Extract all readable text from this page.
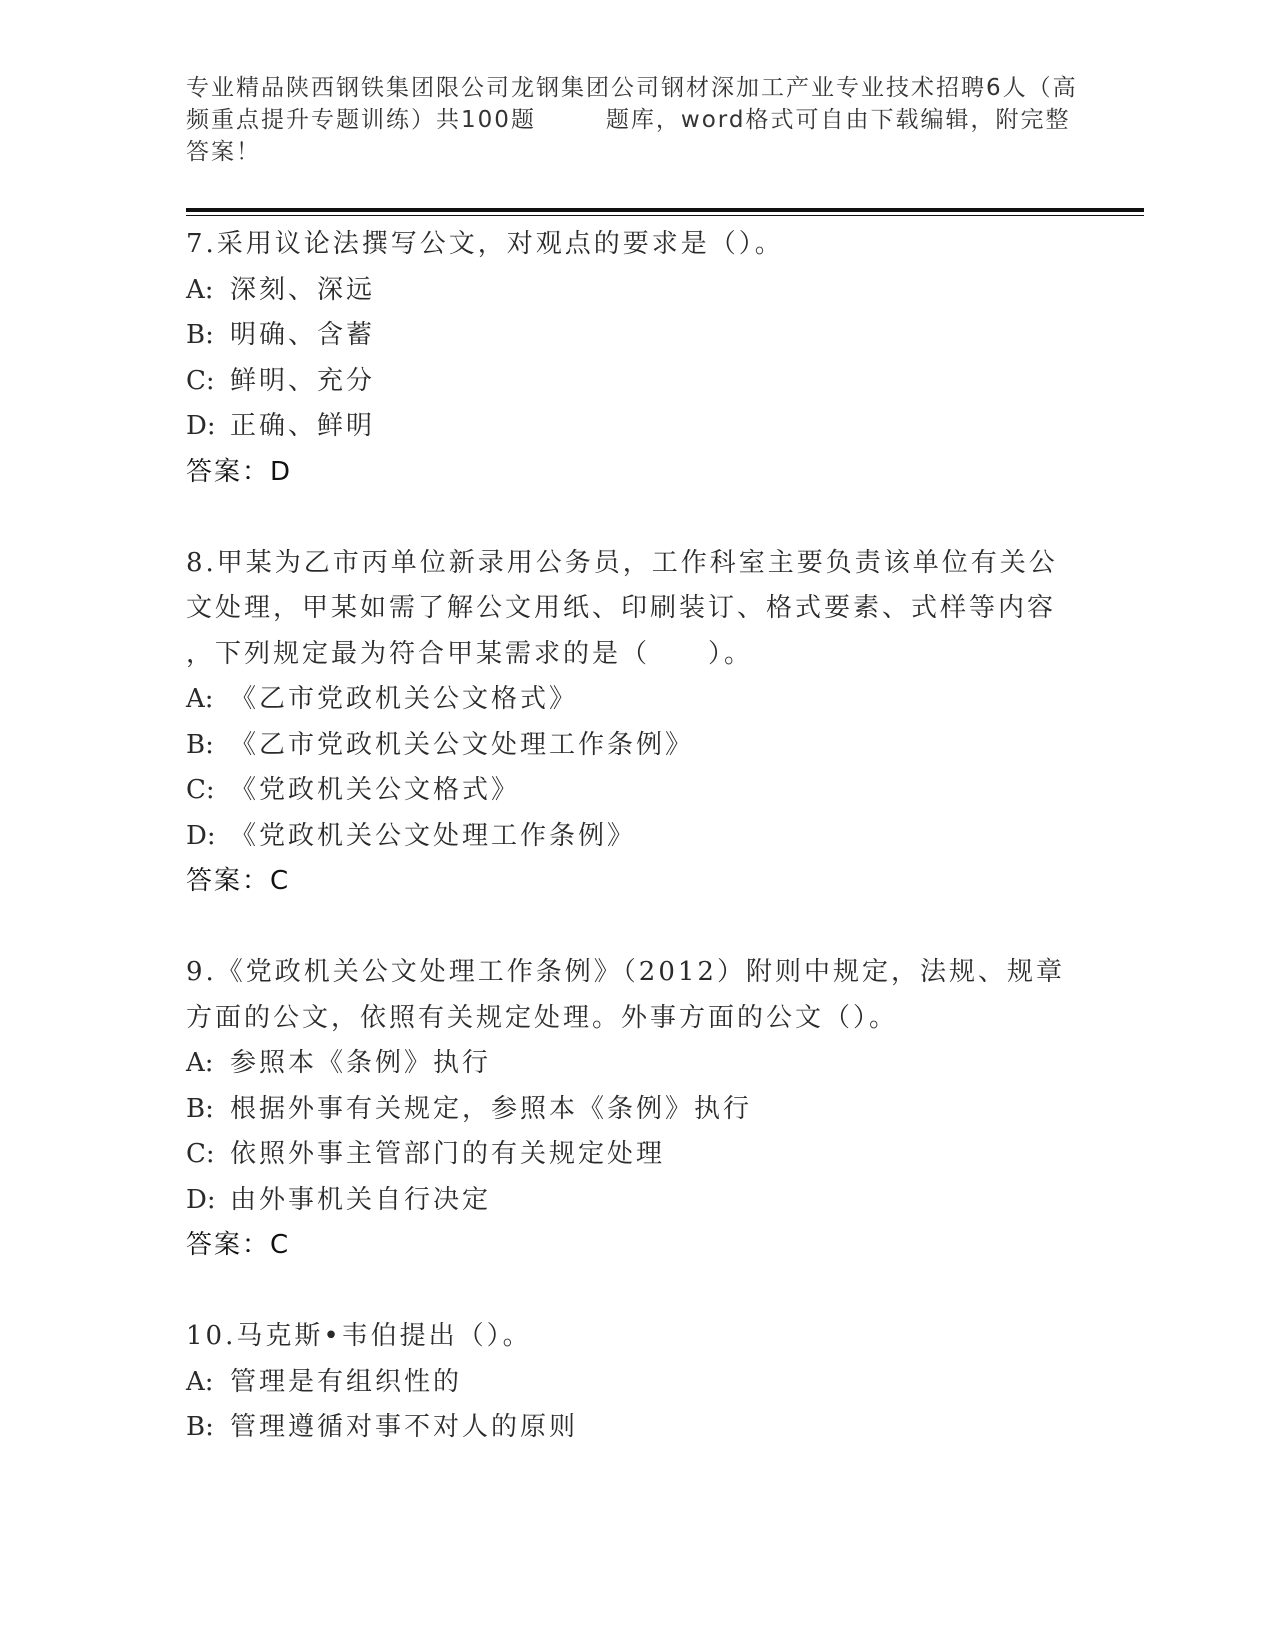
专业精品陕西钢铁集团限公司龙钢集团公司钢材深加工产业专业技术招聘6人（高
频重点提升专题训练）共100题	题库，word格式可自由下载编辑，附完整
答案！
7.采用议论法撰写公文，对观点的要求是（）。
A: 深刻、深远
B: 明确、含蓄
C: 鲜明、充分
D: 正确、鲜明
答案：D
8.甲某为乙市丙单位新录用公务员，工作科室主要负责该单位有关公
文处理，甲某如需了解公文用纸、印刷装订、格式要素、式样等内容
，下列规定最为符合甲某需求的是（　　）。
A: 《乙市党政机关公文格式》
B: 《乙市党政机关公文处理工作条例》
C: 《党政机关公文格式》
D: 《党政机关公文处理工作条例》
答案：C
9.《党政机关公文处理工作条例》（2012）附则中规定，法规、规章
方面的公文，依照有关规定处理。外事方面的公文（）。
A: 参照本《条例》执行
B: 根据外事有关规定，参照本《条例》执行
C: 依照外事主管部门的有关规定处理
D: 由外事机关自行决定
答案：C
10.马克斯•韦伯提出（）。
A: 管理是有组织性的
B: 管理遵循对事不对人的原则
